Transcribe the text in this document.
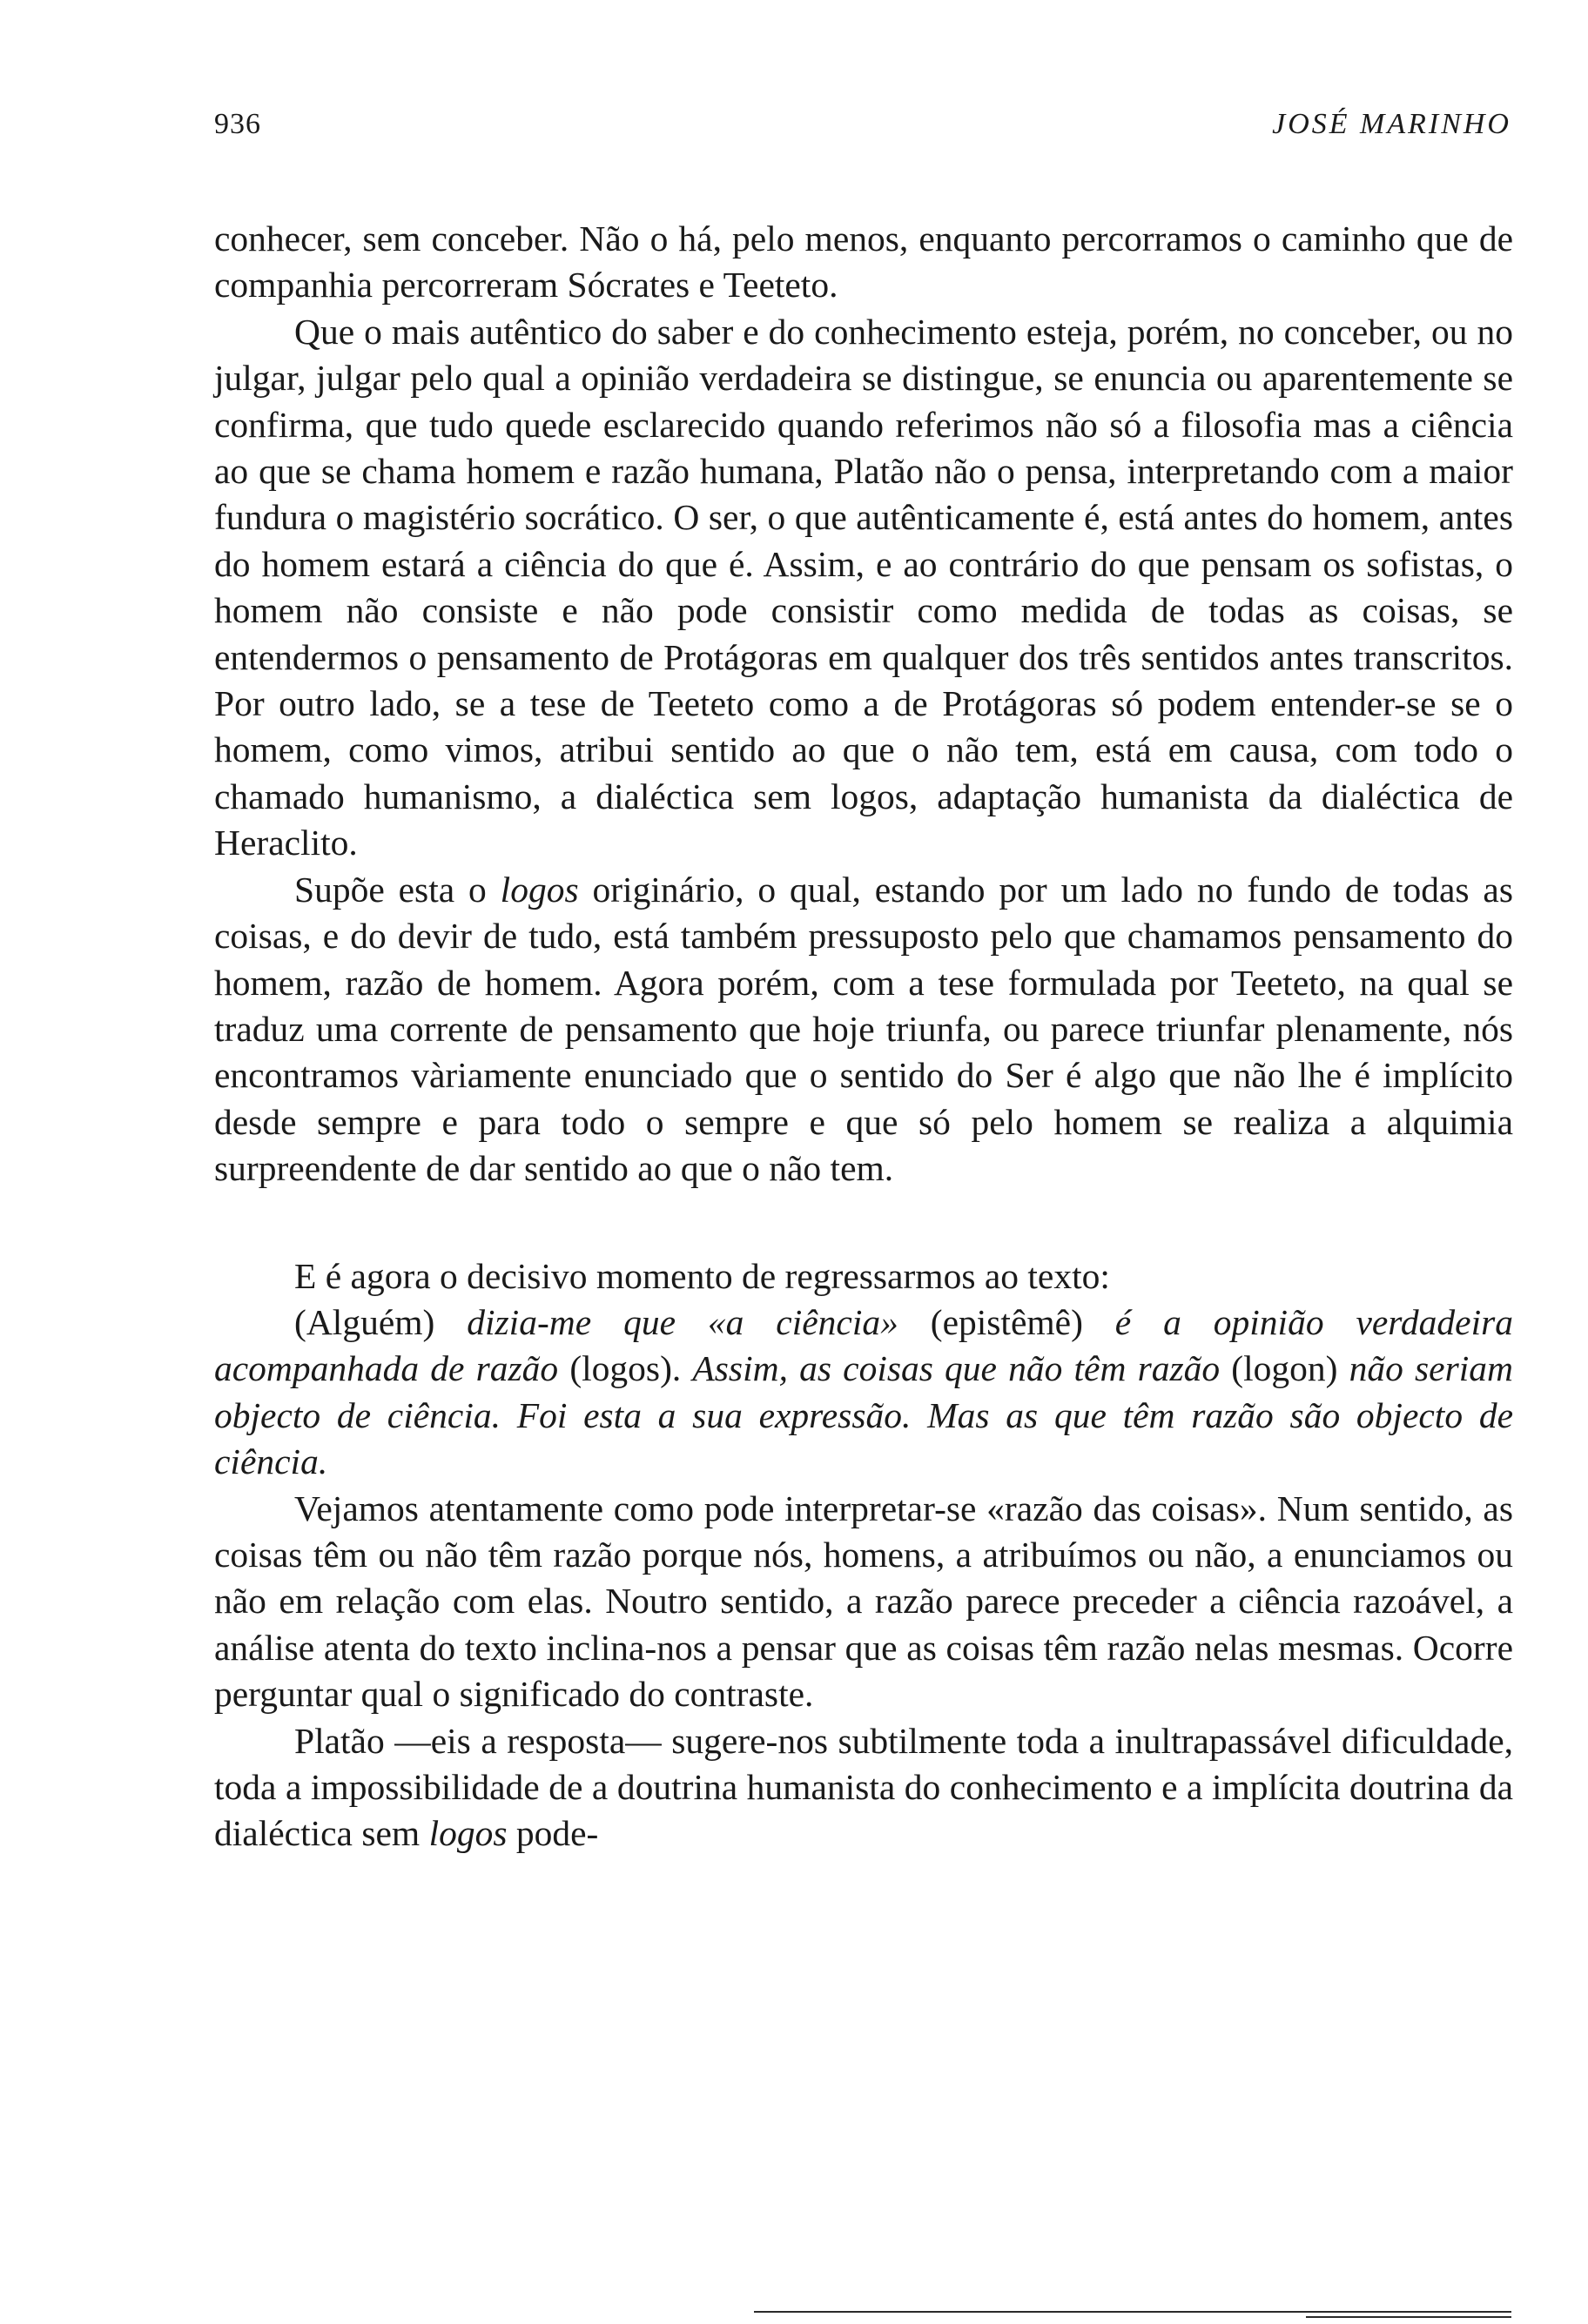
936	JOSÉ MARINHO

conhecer, sem conceber. Não o há, pelo menos, enquanto percorramos o caminho que de companhia percorreram Sócrates e Teeteto.

Que o mais autêntico do saber e do conhecimento esteja, porém, no conceber, ou no julgar, julgar pelo qual a opinião verdadeira se distingue, se enuncia ou aparentemente se confirma, que tudo quede esclarecido quando referimos não só a filosofia mas a ciência ao que se chama homem e razão humana, Platão não o pensa, interpretando com a maior fundura o magistério socrático. O ser, o que autênticamente é, está antes do homem, antes do homem estará a ciência do que é. Assim, e ao contrário do que pensam os sofistas, o homem não consiste e não pode consistir como medida de todas as coisas, se entendermos o pensamento de Protágoras em qualquer dos três sentidos antes transcritos. Por outro lado, se a tese de Teeteto como a de Protágoras só podem entender-se se o homem, como vimos, atribui sentido ao que o não tem, está em causa, com todo o chamado humanismo, a dialéctica sem logos, adaptação humanista da dialéctica de Heraclito.

Supõe esta o logos originário, o qual, estando por um lado no fundo de todas as coisas, e do devir de tudo, está também pressuposto pelo que chamamos pensamento do homem, razão de homem. Agora porém, com a tese formulada por Teeteto, na qual se traduz uma corrente de pensamento que hoje triunfa, ou parece triunfar plenamente, nós encontramos vàriamente enunciado que o sentido do Ser é algo que não lhe é implícito desde sempre e para todo o sempre e que só pelo homem se realiza a alquimia surpreendente de dar sentido ao que o não tem.

E é agora o decisivo momento de regressarmos ao texto:

(Alguém) dizia-me que «a ciência» (epistêmê) é a opinião verdadeira acompanhada de razão (logos). Assim, as coisas que não têm razão (logon) não seriam objecto de ciência. Foi esta a sua expressão. Mas as que têm razão são objecto de ciência.

Vejamos atentamente como pode interpretar-se «razão das coisas». Num sentido, as coisas têm ou não têm razão porque nós, homens, a atribuímos ou não, a enunciamos ou não em relação com elas. Noutro sentido, a razão parece preceder a ciência razoável, a análise atenta do texto inclina-nos a pensar que as coisas têm razão nelas mesmas. Ocorre perguntar qual o significado do contraste.

Platão —eis a resposta— sugere-nos subtilmente toda a inultrapassável dificuldade, toda a impossibilidade de a doutrina humanista do conhecimento e a implícita doutrina da dialéctica sem logos pode-
